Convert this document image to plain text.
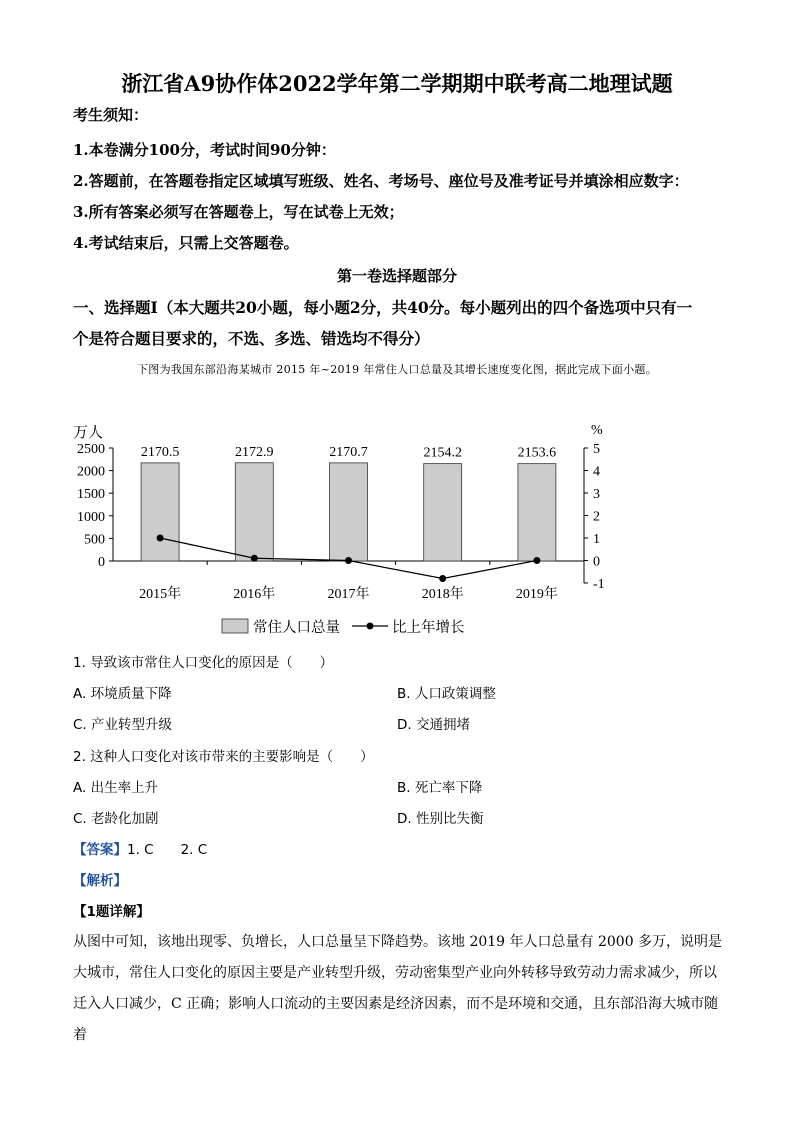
浙江省A9协作体2022学年第二学期期中联考高二地理试题
考生须知：
1.本卷满分100分，考试时间90分钟：
2.答题前，在答题卷指定区域填写班级、姓名、考场号、座位号及准考证号并填涂相应数字：
3.所有答案必须写在答题卷上，写在试卷上无效；
4.考试结束后，只需上交答题卷。
第一卷选择题部分
一、选择题Ⅰ（本大题共20小题，每小题2分，共40分。每小题列出的四个备选项中只有一
个是符合题目要求的，不选、多选、错选均不得分）
下图为我国东部沿海某城市 2015 年~2019 年常住人口总量及其增长速度变化图，据此完成下面小题。
0
500
1000
1500
2000
2500
万人
-1
0
1
2
3
4
5
%
2170.5
2015年
2172.9
2016年
2170.7
2017年
2154.2
2018年
2153.6
2019年
常住人口总量	比上年增长
1. 导致该市常住人口变化的原因是（　　）
A. 环境质量下降	B. 人口政策调整
C. 产业转型升级	D. 交通拥堵
2. 这种人口变化对该市带来的主要影响是（　　）
A. 出生率上升	B. 死亡率下降
C. 老龄化加剧	D. 性别比失衡
【答案】1. C　　2. C
【解析】
【1题详解】
从图中可知，该地出现零、负增长，人口总量呈下降趋势。该地 2019 年人口总量有 2000 多万，说明是大城市，常住人口变化的原因主要是产业转型升级，劳动密集型产业向外转移导致劳动力需求减少，所以迁入人口减少，C 正确；影响人口流动的主要因素是经济因素，而不是环境和交通，且东部沿海大城市随着
